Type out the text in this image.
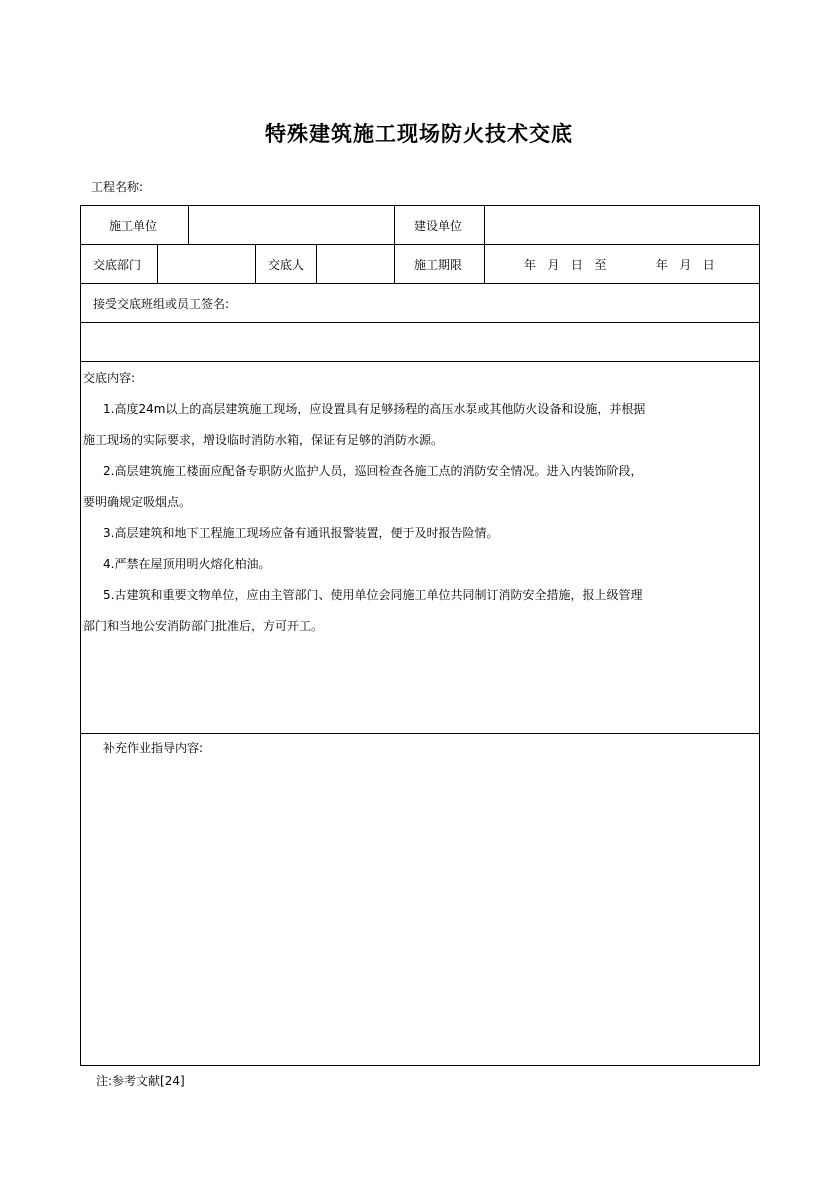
特殊建筑施工现场防火技术交底
工程名称:
施工单位	建设单位
交底部门	交底人	施工期限	年   月   日   至             年   月   日
接受交底班组或员工签名:
交底内容:
1.高度24m以上的高层建筑施工现场，应设置具有足够扬程的高压水泵或其他防火设备和设施，并根据
施工现场的实际要求，增设临时消防水箱，保证有足够的消防水源。
2.高层建筑施工楼面应配备专职防火监护人员，巡回检查各施工点的消防安全情况。进入内装饰阶段，
要明确规定吸烟点。
3.高层建筑和地下工程施工现场应备有通讯报警装置，便于及时报告险情。
4.严禁在屋顶用明火熔化柏油。
5.古建筑和重要文物单位，应由主管部门、使用单位会同施工单位共同制订消防安全措施，报上级管理
部门和当地公安消防部门批准后，方可开工。
补充作业指导内容:
注:参考文献[24]
